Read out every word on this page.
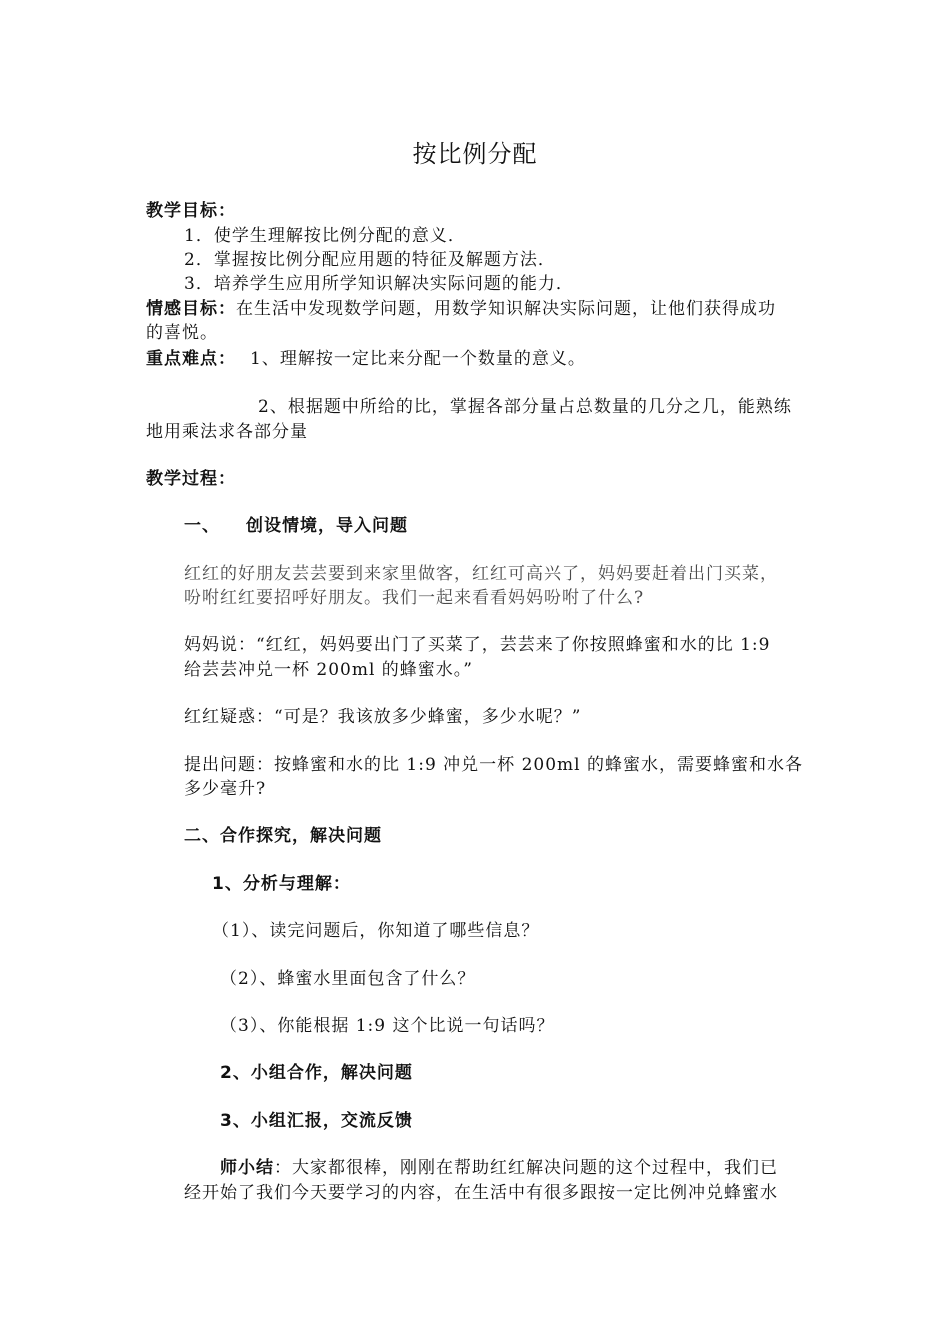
按比例分配
教学目标：
1．使学生理解按比例分配的意义．
2．掌握按比例分配应用题的特征及解题方法．
3．培养学生应用所学知识解决实际问题的能力．
情感目标：在生活中发现数学问题，用数学知识解决实际问题，让他们获得成功
的喜悦。
重点难点： 1、理解按一定比来分配一个数量的意义。
2、根据题中所给的比，掌握各部分量占总数量的几分之几，能熟练
地用乘法求各部分量
教学过程：
一、 创设情境，导入问题
红红的好朋友芸芸要到来家里做客，红红可高兴了，妈妈要赶着出门买菜，
吩咐红红要招呼好朋友。我们一起来看看妈妈吩咐了什么?
妈妈说：“红红，妈妈要出门了买菜了，芸芸来了你按照蜂蜜和水的比 1:9
给芸芸冲兑一杯 200ml 的蜂蜜水。”
红红疑惑：“可是？我该放多少蜂蜜，多少水呢？”
提出问题：按蜂蜜和水的比 1:9 冲兑一杯 200ml 的蜂蜜水，需要蜂蜜和水各
多少毫升?
二、合作探究，解决问题
1、分析与理解：
（1）、读完问题后，你知道了哪些信息？
（2）、蜂蜜水里面包含了什么？
（3）、你能根据 1:9 这个比说一句话吗？
2、小组合作，解决问题
3、小组汇报，交流反馈
师小结：大家都很棒，刚刚在帮助红红解决问题的这个过程中，我们已
经开始了我们今天要学习的内容，在生活中有很多跟按一定比例冲兑蜂蜜水
